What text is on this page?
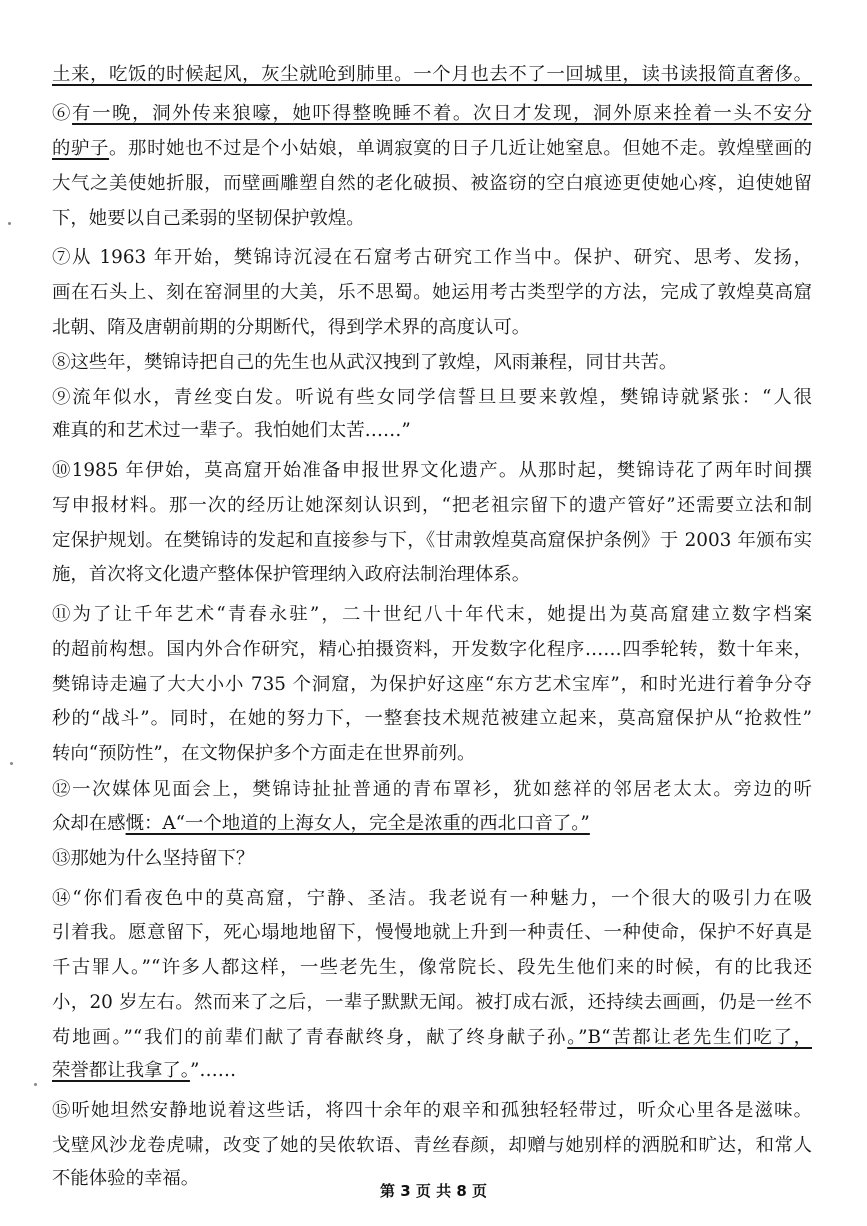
土来，吃饭的时候起风，灰尘就呛到肺里。一个月也去不了一回城里，读书读报简直奢侈。
⑥有一晚，洞外传来狼嚎，她吓得整晚睡不着。次日才发现，洞外原来拴着一头不安分
的驴子。那时她也不过是个小姑娘，单调寂寞的日子几近让她窒息。但她不走。敦煌壁画的
大气之美使她折服，而壁画雕塑自然的老化破损、被盗窃的空白痕迹更使她心疼，迫使她留
下，她要以自己柔弱的坚韧保护敦煌。
⑦从 1963 年开始，樊锦诗沉浸在石窟考古研究工作当中。保护、研究、思考、发扬，
画在石头上、刻在窑洞里的大美，乐不思蜀。她运用考古类型学的方法，完成了敦煌莫高窟
北朝、隋及唐朝前期的分期断代，得到学术界的高度认可。
⑧这些年，樊锦诗把自己的先生也从武汉拽到了敦煌，风雨兼程，同甘共苦。
⑨流年似水，青丝变白发。听说有些女同学信誓旦旦要来敦煌，樊锦诗就紧张：“人很
难真的和艺术过一辈子。我怕她们太苦……”
⑩1985 年伊始，莫高窟开始准备申报世界文化遗产。从那时起，樊锦诗花了两年时间撰
写申报材料。那一次的经历让她深刻认识到，“把老祖宗留下的遗产管好”还需要立法和制
定保护规划。在樊锦诗的发起和直接参与下，《甘肃敦煌莫高窟保护条例》于 2003 年颁布实
施，首次将文化遗产整体保护管理纳入政府法制治理体系。
⑪为了让千年艺术“青春永驻”，二十世纪八十年代末，她提出为莫高窟建立数字档案
的超前构想。国内外合作研究，精心拍摄资料，开发数字化程序……四季轮转，数十年来，
樊锦诗走遍了大大小小 735 个洞窟，为保护好这座“东方艺术宝库”，和时光进行着争分夺
秒的“战斗”。同时，在她的努力下，一整套技术规范被建立起来，莫高窟保护从“抢救性”
转向“预防性”，在文物保护多个方面走在世界前列。
⑫一次媒体见面会上，樊锦诗扯扯普通的青布罩衫，犹如慈祥的邻居老太太。旁边的听
众却在感慨：A“一个地道的上海女人，完全是浓重的西北口音了。”
⑬那她为什么坚持留下？
⑭“你们看夜色中的莫高窟，宁静、圣洁。我老说有一种魅力，一个很大的吸引力在吸
引着我。愿意留下，死心塌地地留下，慢慢地就上升到一种责任、一种使命，保护不好真是
千古罪人。”“许多人都这样，一些老先生，像常院长、段先生他们来的时候，有的比我还
小，20 岁左右。然而来了之后，一辈子默默无闻。被打成右派，还持续去画画，仍是一丝不
苟地画。”“我们的前辈们献了青春献终身，献了终身献子孙。”B“苦都让老先生们吃了，
荣誉都让我拿了。”……
⑮听她坦然安静地说着这些话，将四十余年的艰辛和孤独轻轻带过，听众心里各是滋味。
戈壁风沙龙卷虎啸，改变了她的吴侬软语、青丝春颜，却赠与她别样的洒脱和旷达，和常人
不能体验的幸福。
第 3 页 共 8 页
